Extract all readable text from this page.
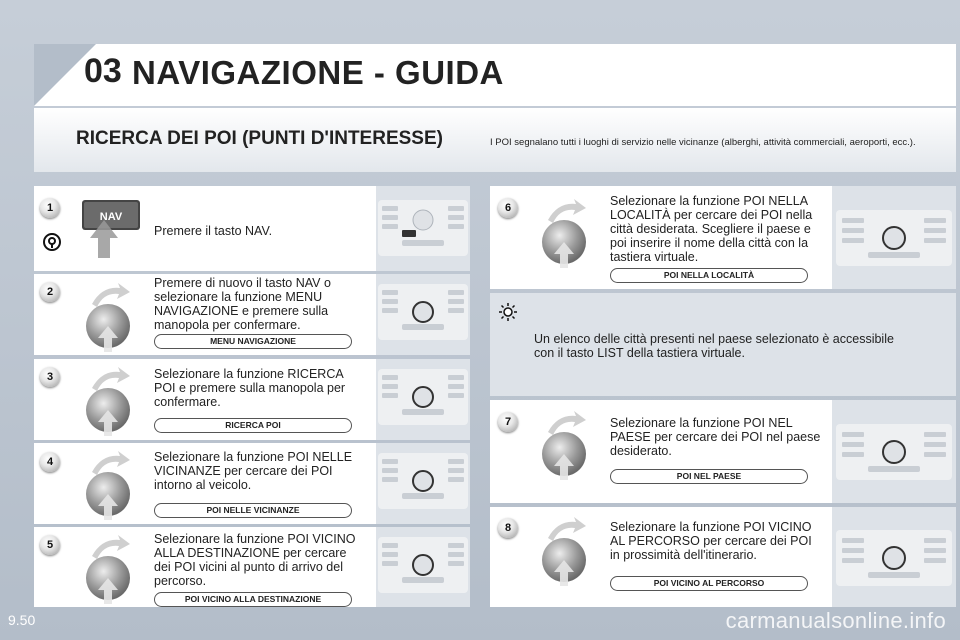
03 NAVIGAZIONE - GUIDA
RICERCA DEI POI (PUNTI D'INTERESSE)	I POI segnalano tutti i luoghi di servizio nelle vicinanze (alberghi, attività commerciali, aeroporti, ecc.).
1
2
3
4
5
6
7
8
NAV
Premere il tasto NAV.
Premere di nuovo il tasto NAV o
selezionare la funzione MENU
NAVIGAZIONE e premere sulla
manopola per confermare.
Selezionare la funzione RICERCA
POI e premere sulla manopola per
confermare.
Selezionare la funzione POI NELLE
VICINANZE per cercare dei POI
intorno al veicolo.
Selezionare la funzione POI VICINO
ALLA DESTINAZIONE per cercare
dei POI vicini al punto di arrivo del
percorso.
Selezionare la funzione POI NELLA
LOCALITÀ per cercare dei POI nella
città desiderata. Scegliere il paese e
poi inserire il nome della città con la
tastiera virtuale.
Selezionare la funzione POI NEL
PAESE per cercare dei POI nel paese
desiderato.
Selezionare la funzione POI VICINO
AL PERCORSO per cercare dei POI
in prossimità dell'itinerario.
MENU NAVIGAZIONE
RICERCA POI
POI NELLE VICINANZE
POI VICINO ALLA DESTINAZIONE
POI NELLA LOCALITÀ
POI NEL PAESE
POI VICINO AL PERCORSO
Un elenco delle città presenti nel paese selezionato è accessibile
con il tasto LIST della tastiera virtuale.
9.50	carmanualsonline.info
